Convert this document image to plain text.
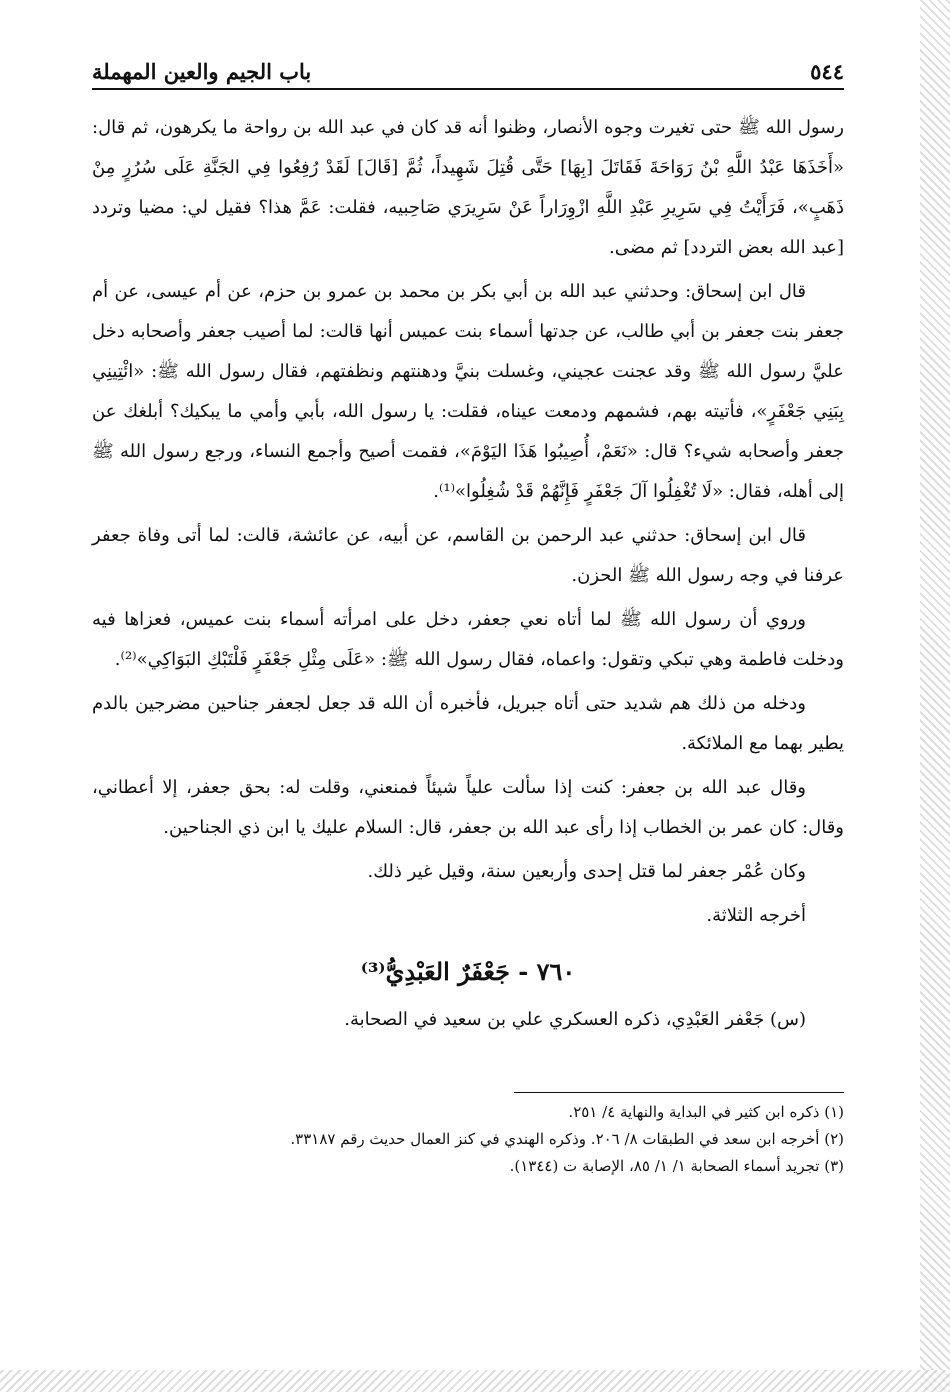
٥٤٤
باب الجيم والعين المهملة

رسول الله ﷺ حتى تغيرت وجوه الأنصار، وظنوا أنه قد كان في عبد الله بن رواحة ما يكرهون، ثم قال: «أَخَذَهَا عَبْدُ اللَّهِ بْنُ رَوَاحَةَ فَقَاتَلَ [بِهَا] حَتَّى قُتِلَ شَهِيداً، ثُمَّ [قَالَ] لَقَدْ رُفِعُوا فِي الجَنَّةِ عَلَى سُرُرٍ مِنْ ذَهَبٍ»، فَرَأَيْتُ فِي سَرِيرِ عَبْدِ اللَّهِ ازْوِرَاراً عَنْ سَرِيرَي صَاحِبيه، فقلت: عَمَّ هذا؟ فقيل لي: مضيا وتردد [عبد الله بعض التردد] ثم مضى.

قال ابن إسحاق: وحدثني عبد الله بن أبي بكر بن محمد بن عمرو بن حزم، عن أم عيسى، عن أم جعفر بنت جعفر بن أبي طالب، عن جدتها أسماء بنت عميس أنها قالت: لما أصيب جعفر وأصحابه دخل عليَّ رسول الله ﷺ وقد عجنت عجيني، وغسلت بنيَّ ودهنتهم ونظفتهم، فقال رسول الله ﷺ: «ائْتِينِي بِبَنِي جَعْفَرٍ»، فأتيته بهم، فشمهم ودمعت عيناه، فقلت: يا رسول الله، بأبي وأمي ما يبكيك؟ أبلغك عن جعفر وأصحابه شيء؟ قال: «نَعَمْ، أُصِيبُوا هَذَا اليَوْمَ»، فقمت أصيح وأجمع النساء، ورجع رسول الله ﷺ إلى أهله، فقال: «لَا تُغْفِلُوا آلَ جَعْفَرٍ فَإِنَّهُمْ قَدْ شُغِلُوا»⁽¹⁾.

قال ابن إسحاق: حدثني عبد الرحمن بن القاسم، عن أبيه، عن عائشة، قالت: لما أتى وفاة جعفر عرفنا في وجه رسول الله ﷺ الحزن.

وروي أن رسول الله ﷺ لما أتاه نعي جعفر، دخل على امرأته أسماء بنت عميس، فعزاها فيه ودخلت فاطمة وهي تبكي وتقول: واعماه، فقال رسول الله ﷺ: «عَلَى مِثْلِ جَعْفَرٍ فَلْتَبْكِ البَوَاكِي»⁽²⁾.

ودخله من ذلك هم شديد حتى أتاه جبريل، فأخبره أن الله قد جعل لجعفر جناحين مضرجين بالدم يطير بهما مع الملائكة.

وقال عبد الله بن جعفر: كنت إذا سألت علياً شيئاً فمنعني، وقلت له: بحق جعفر، إلا أعطاني، وقال: كان عمر بن الخطاب إذا رأى عبد الله بن جعفر، قال: السلام عليك يا ابن ذي الجناحين.

وكان عُمْر جعفر لما قتل إحدى وأربعين سنة، وقيل غير ذلك.

أخرجه الثلاثة.

٧٦٠ - جَعْفَرٌ العَبْدِيُّ⁽³⁾

(س) جَعْفر العَبْدِي، ذكره العسكري علي بن سعيد في الصحابة.

(١) ذكره ابن كثير في البداية والنهاية ٤/ ٢٥١.

(٢) أخرجه ابن سعد في الطبقات ٨/ ٢٠٦. وذكره الهندي في كنز العمال حديث رقم ٣٣١٨٧.

(٣) تجريد أسماء الصحابة ١/ ١/ ٨٥، الإصابة ت (١٣٤٤).
